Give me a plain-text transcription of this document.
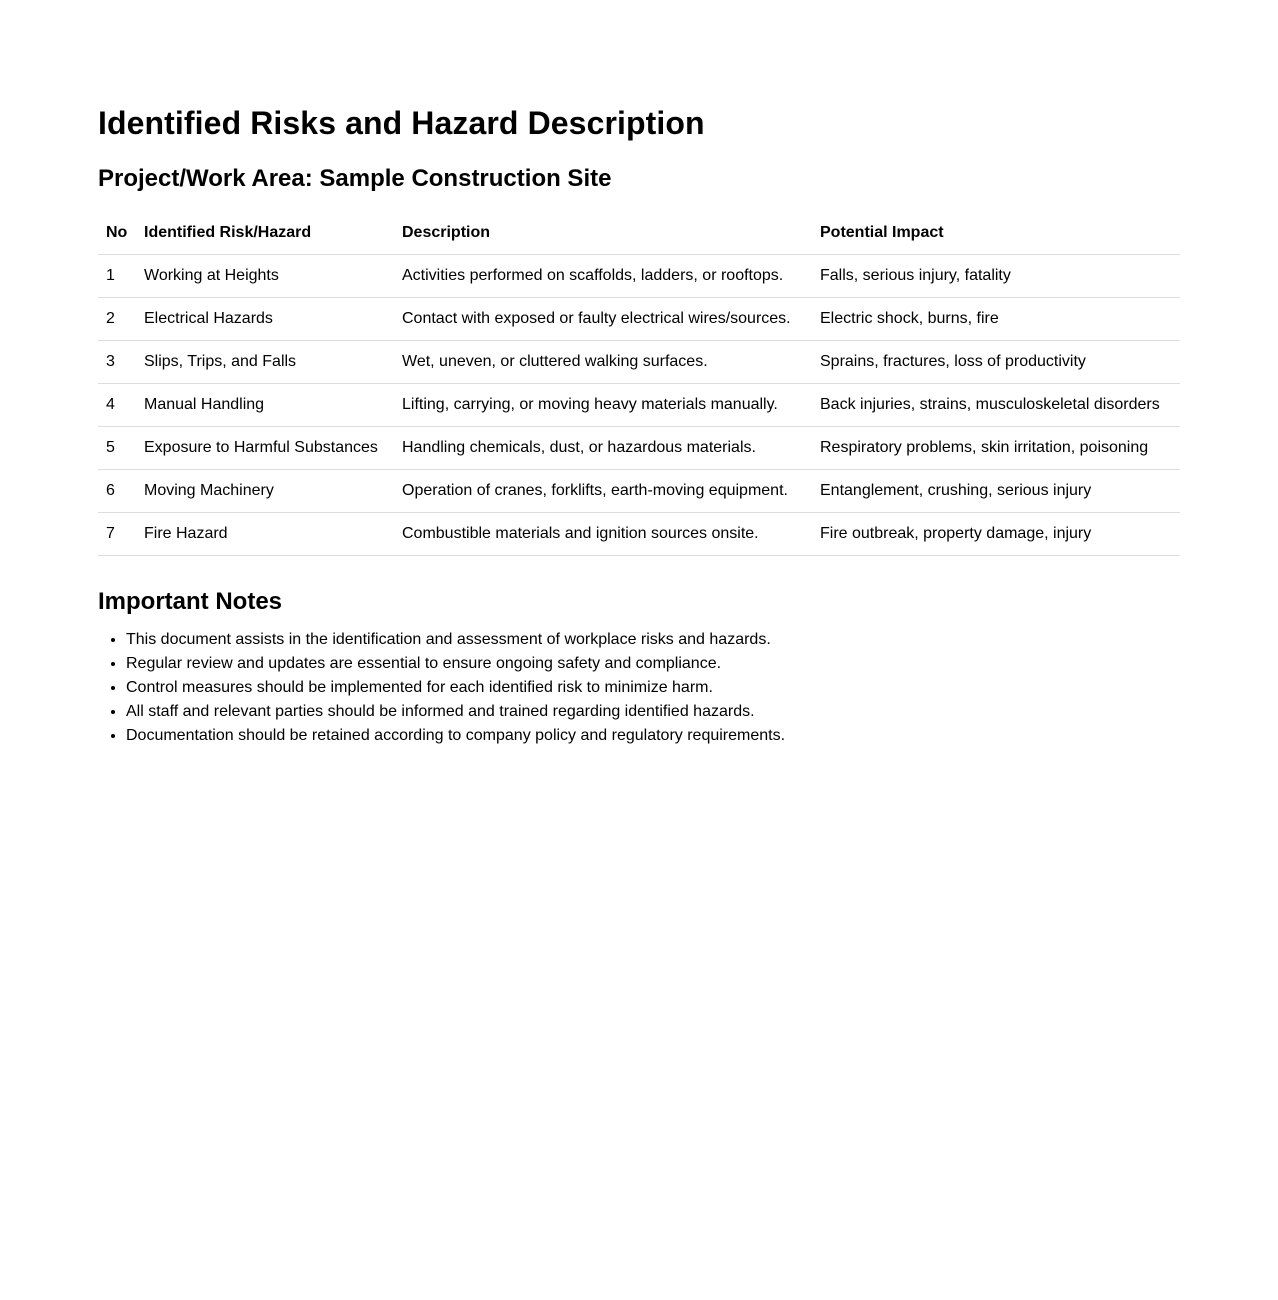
Identified Risks and Hazard Description
Project/Work Area: Sample Construction Site
No	Identified Risk/Hazard	Description	Potential Impact
1	Working at Heights	Activities performed on scaffolds, ladders, or rooftops.	Falls, serious injury, fatality
2	Electrical Hazards	Contact with exposed or faulty electrical wires/sources.	Electric shock, burns, fire
3	Slips, Trips, and Falls	Wet, uneven, or cluttered walking surfaces.	Sprains, fractures, loss of productivity
4	Manual Handling	Lifting, carrying, or moving heavy materials manually.	Back injuries, strains, musculoskeletal disorders
5	Exposure to Harmful Substances	Handling chemicals, dust, or hazardous materials.	Respiratory problems, skin irritation, poisoning
6	Moving Machinery	Operation of cranes, forklifts, earth-moving equipment.	Entanglement, crushing, serious injury
7	Fire Hazard	Combustible materials and ignition sources onsite.	Fire outbreak, property damage, injury
Important Notes
• This document assists in the identification and assessment of workplace risks and hazards.
• Regular review and updates are essential to ensure ongoing safety and compliance.
• Control measures should be implemented for each identified risk to minimize harm.
• All staff and relevant parties should be informed and trained regarding identified hazards.
• Documentation should be retained according to company policy and regulatory requirements.
